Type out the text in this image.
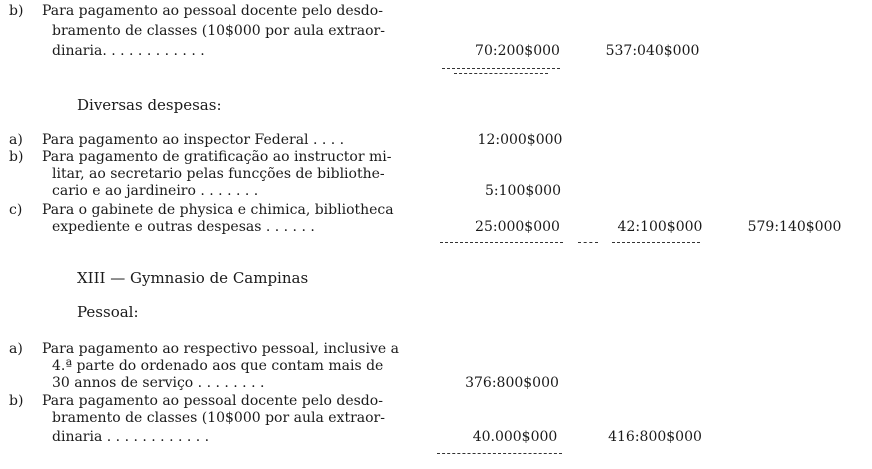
b) Para pagamento ao pessoal docente pelo desdo-
bramento de classes (10$000 por aula extraor-
dinaria. . . . . . . . . . . .	70:200$000	537:040$000
Diversas despesas:
a) Para pagamento ao inspector Federal . . . .	12:000$000
b) Para pagamento de gratificação ao instructor mi-
litar, ao secretario pelas funcções de bibliothe-
cario e ao jardineiro . . . . . . .	5:100$000
c) Para o gabinete de physica e chimica, bibliotheca
expediente e outras despesas . . . . . .	25:000$000	42:100$000	579:140$000
XIII — Gymnasio de Campinas
Pessoal:
a) Para pagamento ao respectivo pessoal, inclusive a
4.ª parte do ordenado aos que contam mais de
30 annos de serviço . . . . . . . .	376:800$000
b) Para pagamento ao pessoal docente pelo desdo-
bramento de classes (10$000 por aula extraor-
dinaria . . . . . . . . . . . .	40.000$000	416:800$000
